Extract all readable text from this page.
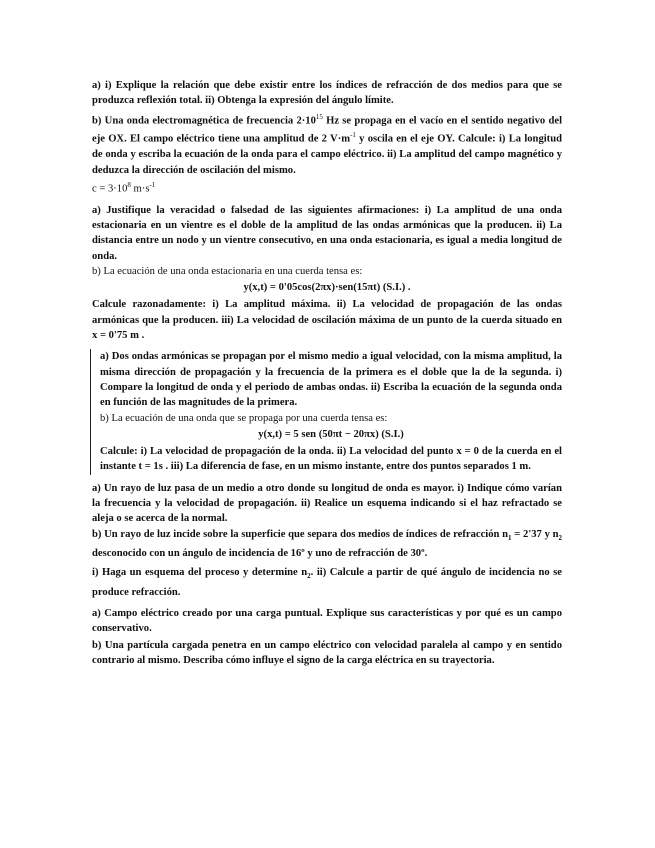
a) i) Explique la relación que debe existir entre los índices de refracción de dos medios para que se produzca reflexión total. ii) Obtenga la expresión del ángulo límite.

b) Una onda electromagnética de frecuencia $2\cdot 10^{15}$ Hz se propaga en el vacío en el sentido negativo del eje OX. El campo eléctrico tiene una amplitud de 2 $V\cdot m^{-1}$ y oscila en el eje OY. Calcule: i) La longitud de onda y escriba la ecuación de la onda para el campo eléctrico. ii) La amplitud del campo magnético y deduzca la dirección de oscilación del mismo.

$c = 3\cdot 10^8$ $m\cdot s^{-1}$

a) Justifique la veracidad o falsedad de las siguientes afirmaciones: i) La amplitud de una onda estacionaria en un vientre es el doble de la amplitud de las ondas armónicas que la producen. ii) La distancia entre un nodo y un vientre consecutivo, en una onda estacionaria, es igual a media longitud de onda.

b) La ecuación de una onda estacionaria en una cuerda tensa es:

y(x,t) = 0'05cos(2πx)·sen(15πt) (S.I.) .

Calcule razonadamente: i) La amplitud máxima. ii) La velocidad de propagación de las ondas armónicas que la producen. iii) La velocidad de oscilación máxima de un punto de la cuerda situado en x = 0'75 m .

a) Dos ondas armónicas se propagan por el mismo medio a igual velocidad, con la misma amplitud, la misma dirección de propagación y la frecuencia de la primera es el doble que la de la segunda. i) Compare la longitud de onda y el periodo de ambas ondas. ii) Escriba la ecuación de la segunda onda en función de las magnitudes de la primera.

b) La ecuación de una onda que se propaga por una cuerda tensa es:

y(x,t) = 5 sen (50πt − 20πx) (S.I.)

Calcule: i) La velocidad de propagación de la onda. ii) La velocidad del punto x = 0 de la cuerda en el instante t = 1s . iii) La diferencia de fase, en un mismo instante, entre dos puntos separados 1 m.

a) Un rayo de luz pasa de un medio a otro donde su longitud de onda es mayor. i) Indique cómo varían la frecuencia y la velocidad de propagación. ii) Realice un esquema indicando si el haz refractado se aleja o se acerca de la normal.

b) Un rayo de luz incide sobre la superficie que separa dos medios de índices de refracción $n_1 = 2'37$ y $n_2$ desconocido con un ángulo de incidencia de 16º y uno de refracción de 30º.

i) Haga un esquema del proceso y determine $n_2$. ii) Calcule a partir de qué ángulo de incidencia no se produce refracción.

a) Campo eléctrico creado por una carga puntual. Explique sus características y por qué es un campo conservativo.

b) Una partícula cargada penetra en un campo eléctrico con velocidad paralela al campo y en sentido contrario al mismo. Describa cómo influye el signo de la carga eléctrica en su trayectoria.
